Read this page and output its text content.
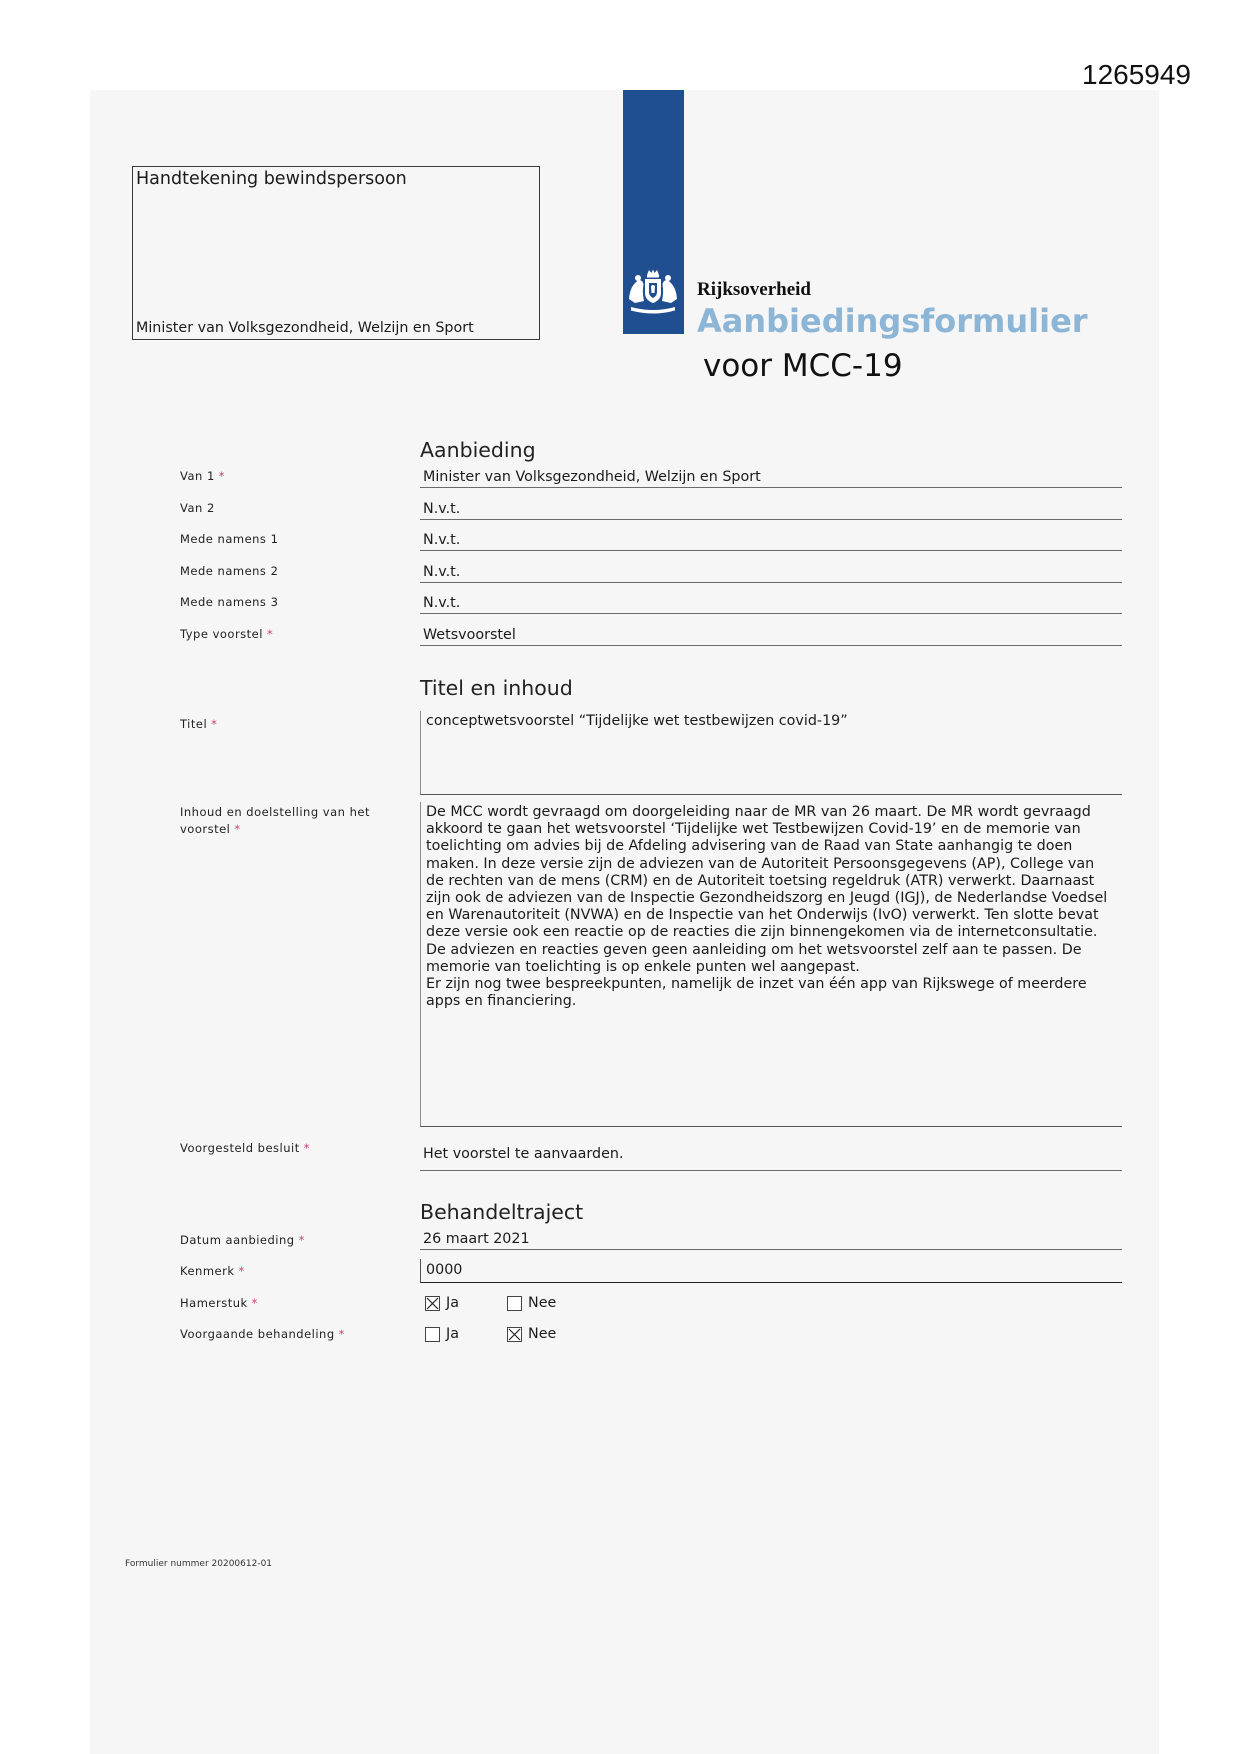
1265949
Handtekening bewindspersoon
Minister van Volksgezondheid, Welzijn en Sport
Rijksoverheid
Aanbiedingsformulier
voor MCC-19
Aanbieding
Van 1 *	Minister van Volksgezondheid, Welzijn en Sport
Van 2	N.v.t.
Mede namens 1	N.v.t.
Mede namens 2	N.v.t.
Mede namens 3	N.v.t.
Type voorstel *	Wetsvoorstel
Titel en inhoud
Titel *	conceptwetsvoorstel “Tijdelijke wet testbewijzen covid-19”

Inhoud en doelstelling van het voorstel *

De MCC wordt gevraagd om doorgeleiding naar de MR van 26 maart. De MR wordt gevraagd akkoord te gaan het wetsvoorstel ‘Tijdelijke wet Testbewijzen Covid-19’ en de memorie van toelichting om advies bij de Afdeling advisering van de Raad van State aanhangig te doen maken. In deze versie zijn de adviezen van de Autoriteit Persoonsgegevens (AP), College van de rechten van de mens (CRM) en de Autoriteit toetsing regeldruk (ATR) verwerkt. Daarnaast zijn ook de adviezen van de Inspectie Gezondheidszorg en Jeugd (IGJ), de Nederlandse Voedsel en Warenautoriteit (NVWA) en de Inspectie van het Onderwijs (IvO) verwerkt. Ten slotte bevat deze versie ook een reactie op de reacties die zijn binnengekomen via de internetconsultatie. De adviezen en reacties geven geen aanleiding om het wetsvoorstel zelf aan te passen. De memorie van toelichting is op enkele punten wel aangepast.

Er zijn nog twee bespreekpunten, namelijk de inzet van één app van Rijkswege of meerdere apps en financiering.

Voorgesteld besluit *	Het voorstel te aanvaarden.
Behandeltraject
Datum aanbieding *	26 maart 2021
Kenmerk *	0000
Hamerstuk *	Ja	Nee
Voorgaande behandeling *	Ja	Nee
Formulier nummer 20200612-01
